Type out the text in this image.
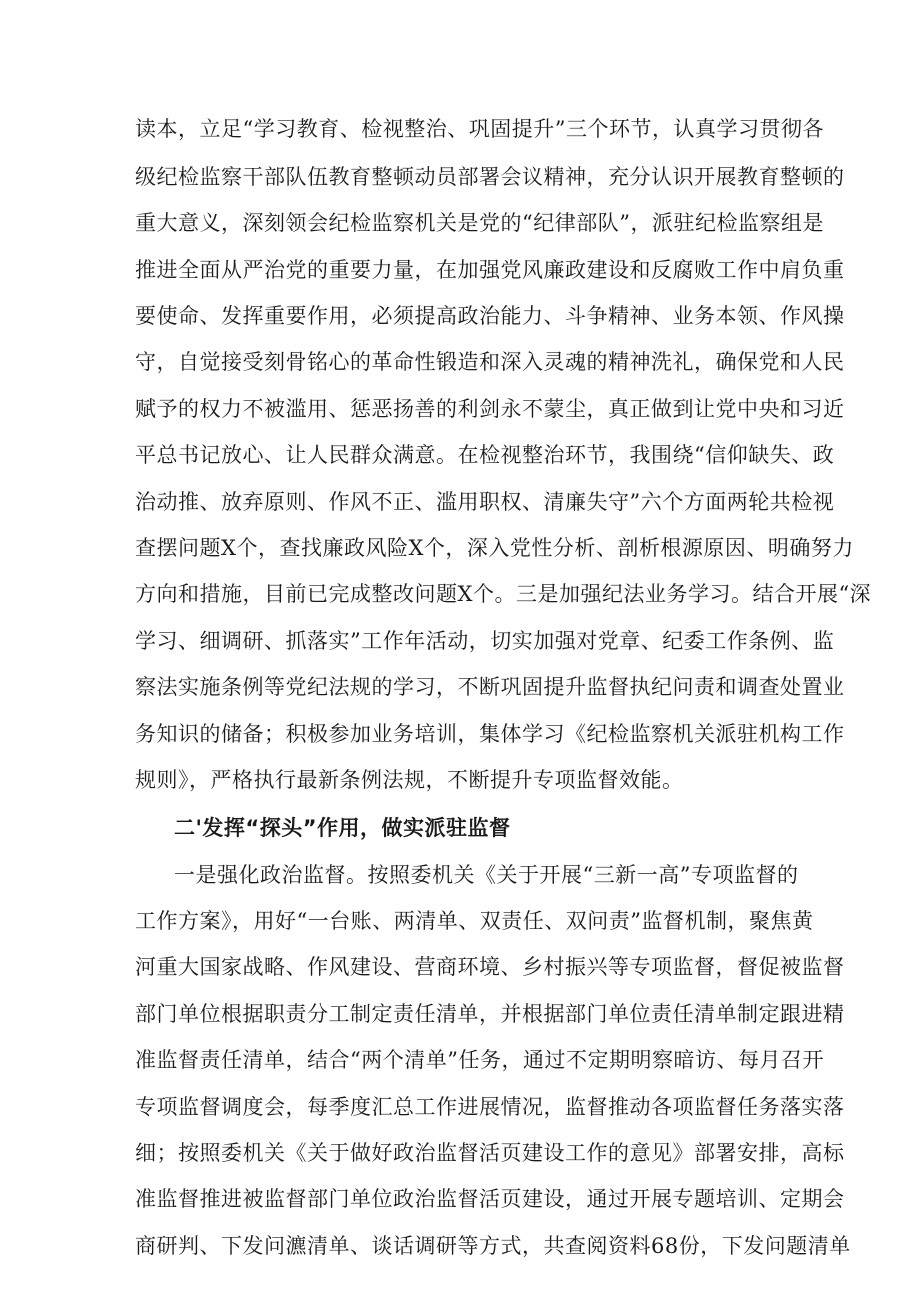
读本，立足“学习教育、检视整治、巩固提升”三个环节，认真学习贯彻各
级纪检监察干部队伍教育整顿动员部署会议精神，充分认识开展教育整顿的
重大意义，深刻领会纪检监察机关是党的“纪律部队”，派驻纪检监察组是
推进全面从严治党的重要力量，在加强党风廉政建设和反腐败工作中肩负重
要使命、发挥重要作用，必须提高政治能力、斗争精神、业务本领、作风操
守，自觉接受刻骨铭心的革命性锻造和深入灵魂的精神洗礼，确保党和人民
赋予的权力不被滥用、惩恶扬善的利剑永不蒙尘，真正做到让党中央和习近
平总书记放心、让人民群众满意。在检视整治环节，我围绕“信仰缺失、政
治动推、放弃原则、作风不正、滥用职权、清廉失守”六个方面两轮共检视
查摆问题X个，查找廉政风险X个，深入党性分析、剖析根源原因、明确努力
方向和措施，目前已完成整改问题X个。三是加强纪法业务学习。结合开展“深
学习、细调研、抓落实”工作年活动，切实加强对党章、纪委工作条例、监
察法实施条例等党纪法规的学习，不断巩固提升监督执纪问责和调查处置业
务知识的储备；积极参加业务培训，集体学习《纪检监察机关派驻机构工作
规则》，严格执行最新条例法规，不断提升专项监督效能。
二'发挥“探头”作用，做实派驻监督
一是强化政治监督。按照委机关《关于开展“三新一高”专项监督的
工作方案》，用好“一台账、两清单、双责任、双问责”监督机制，聚焦黄
河重大国家战略、作风建设、营商环境、乡村振兴等专项监督，督促被监督
部门单位根据职责分工制定责任清单，并根据部门单位责任清单制定跟进精
准监督责任清单，结合“两个清单”任务，通过不定期明察暗访、每月召开
专项监督调度会，每季度汇总工作进展情况，监督推动各项监督任务落实落
细；按照委机关《关于做好政治监督活页建设工作的意见》部署安排，高标
准监督推进被监督部门单位政治监督活页建设，通过开展专题培训、定期会
商研判、下发问瀌清单、谈话调研等方式，共查阅资料68份，下发问题清单
